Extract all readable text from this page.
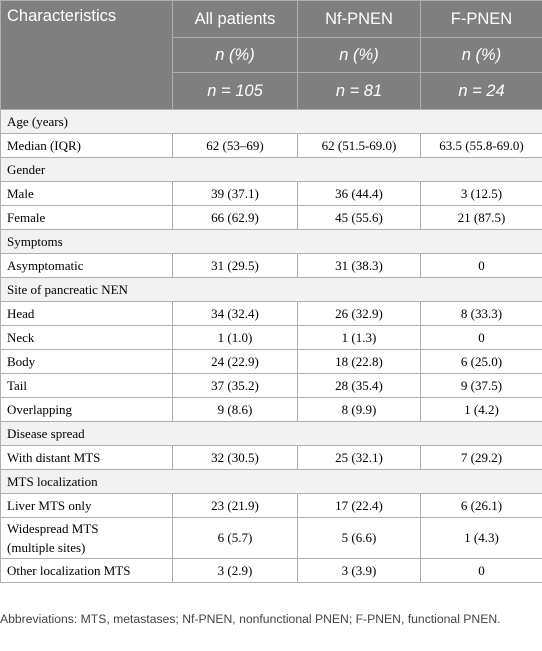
Characteristics	All patients	Nf-PNEN	F-PNEN
	n (%)	n (%)	n (%)
	n = 105	n = 81	n = 24
Age (years)			
Median (IQR)	62 (53–69)	62 (51.5-69.0)	63.5 (55.8-69.0)
Gender			
Male	39 (37.1)	36 (44.4)	3 (12.5)
Female	66 (62.9)	45 (55.6)	21 (87.5)
Symptoms			
Asymptomatic	31 (29.5)	31 (38.3)	0
Site of pancreatic NEN			
Head	34 (32.4)	26 (32.9)	8 (33.3)
Neck	1 (1.0)	1 (1.3)	0
Body	24 (22.9)	18 (22.8)	6 (25.0)
Tail	37 (35.2)	28 (35.4)	9 (37.5)
Overlapping	9 (8.6)	8 (9.9)	1 (4.2)
Disease spread			
With distant MTS	32 (30.5)	25 (32.1)	7 (29.2)
MTS localization			
Liver MTS only	23 (21.9)	17 (22.4)	6 (26.1)
Widespread MTS
(multiple sites)	6 (5.7)	5 (6.6)	1 (4.3)
Other localization MTS	3 (2.9)	3 (3.9)	0
Abbreviations: MTS, metastases; Nf-PNEN, nonfunctional PNEN; F-PNEN, functional PNEN.
